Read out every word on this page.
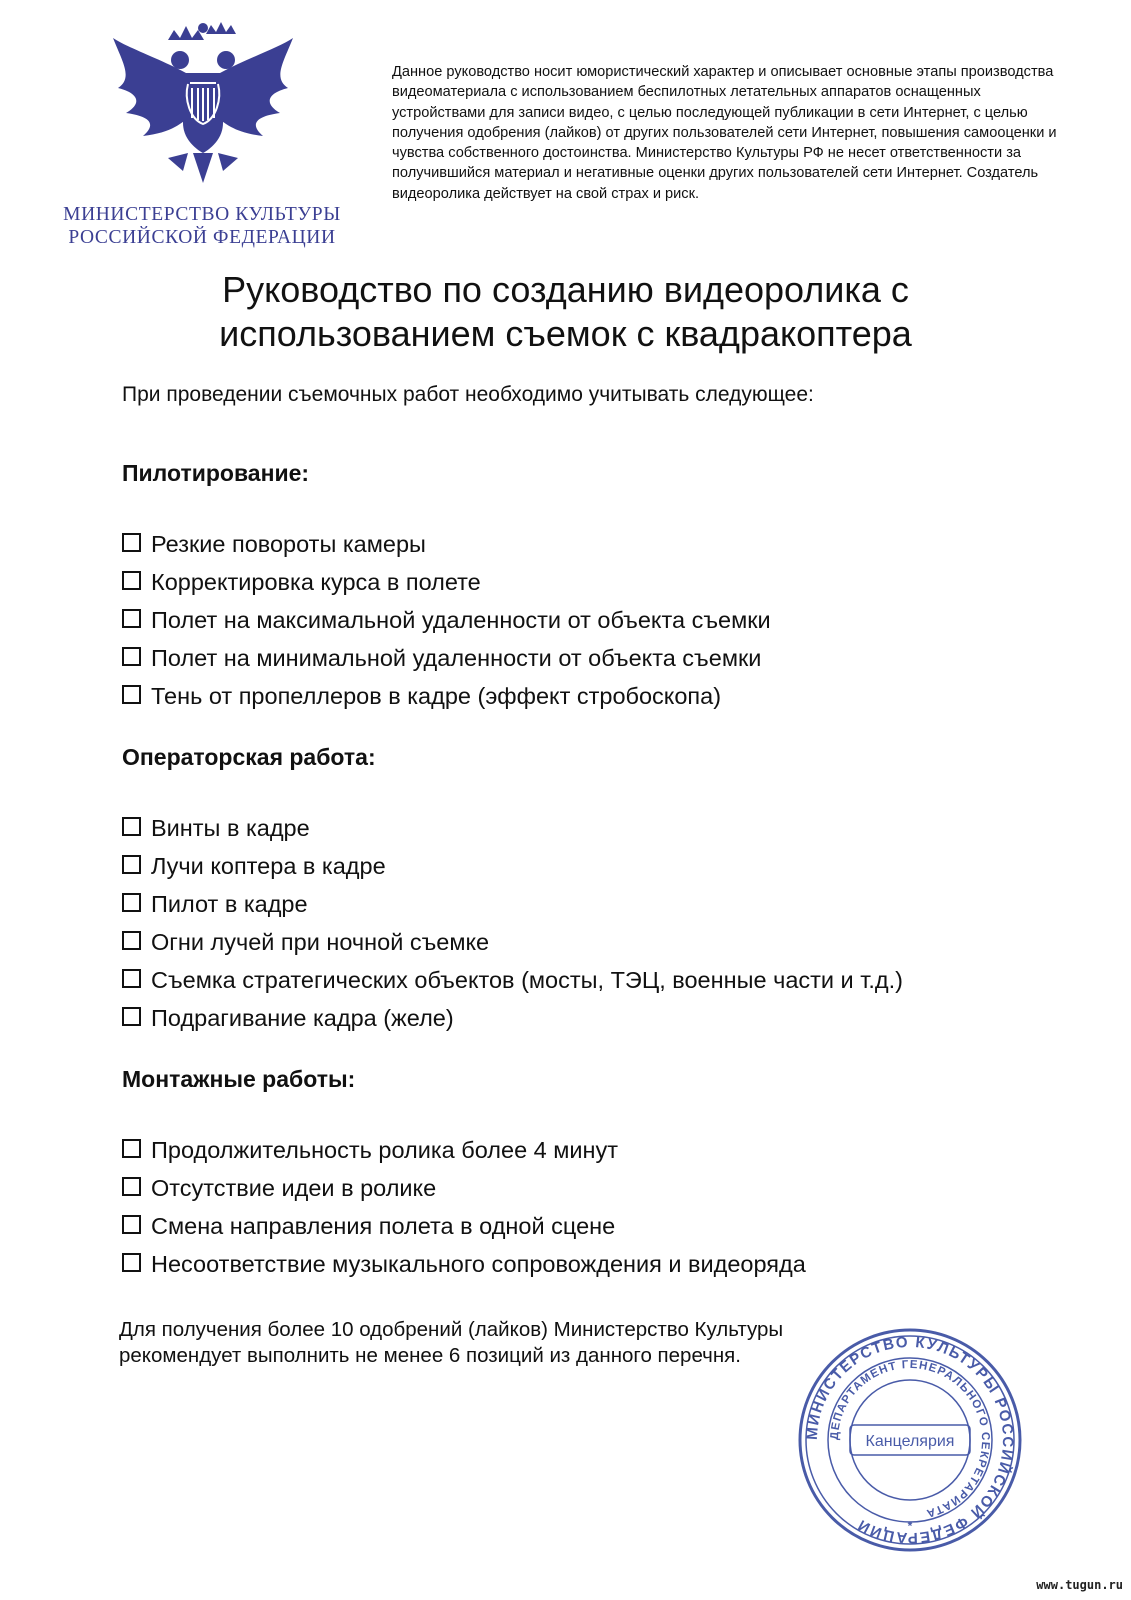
МИНИСТЕРСТВО КУЛЬТУРЫ
РОССИЙСКОЙ ФЕДЕРАЦИИ
Данное руководство носит юмористический характер и описывает основные этапы производства видеоматериала с использованием беспилотных летательных аппаратов оснащенных устройствами для записи видео, с целью последующей публикации в сети Интернет, с целью получения одобрения (лайков) от других пользователей сети Интернет, повышения самооценки и чувства собственного достоинства. Министерство Культуры РФ не несет ответственности за получившийся материал и негативные оценки других пользователей сети Интернет. Создатель видеоролика действует на свой страх и риск.
Руководство по созданию видеоролика с
использованием съемок с квадракоптера
При проведении съемочных работ необходимо учитывать следующее:
Пилотирование:
Резкие повороты камеры
Корректировка курса в полете
Полет на максимальной удаленности от объекта съемки
Полет на минимальной удаленности от объекта съемки
Тень от пропеллеров в кадре (эффект стробоскопа)
Операторская работа:
Винты в кадре
Лучи коптера в кадре
Пилот в кадре
Огни лучей при ночной съемке
Съемка стратегических объектов (мосты, ТЭЦ, военные части и т.д.)
Подрагивание кадра (желе)
Монтажные работы:
Продолжительность ролика более 4 минут
Отсутствие идеи в ролике
Смена направления полета в одной сцене
Несоответствие музыкального сопровождения и видеоряда
Для получения более 10 одобрений (лайков) Министерство Культуры
рекомендует выполнить не менее 6 позиций из данного перечня.
МИНИСТЕРСТВО КУЛЬТУРЫ РОССИЙСКОЙ ФЕДЕРАЦИИ
ДЕПАРТАМЕНТ ГЕНЕРАЛЬНОГО СЕКРЕТАРИАТА
Канцелярия
*
www.tugun.ru
